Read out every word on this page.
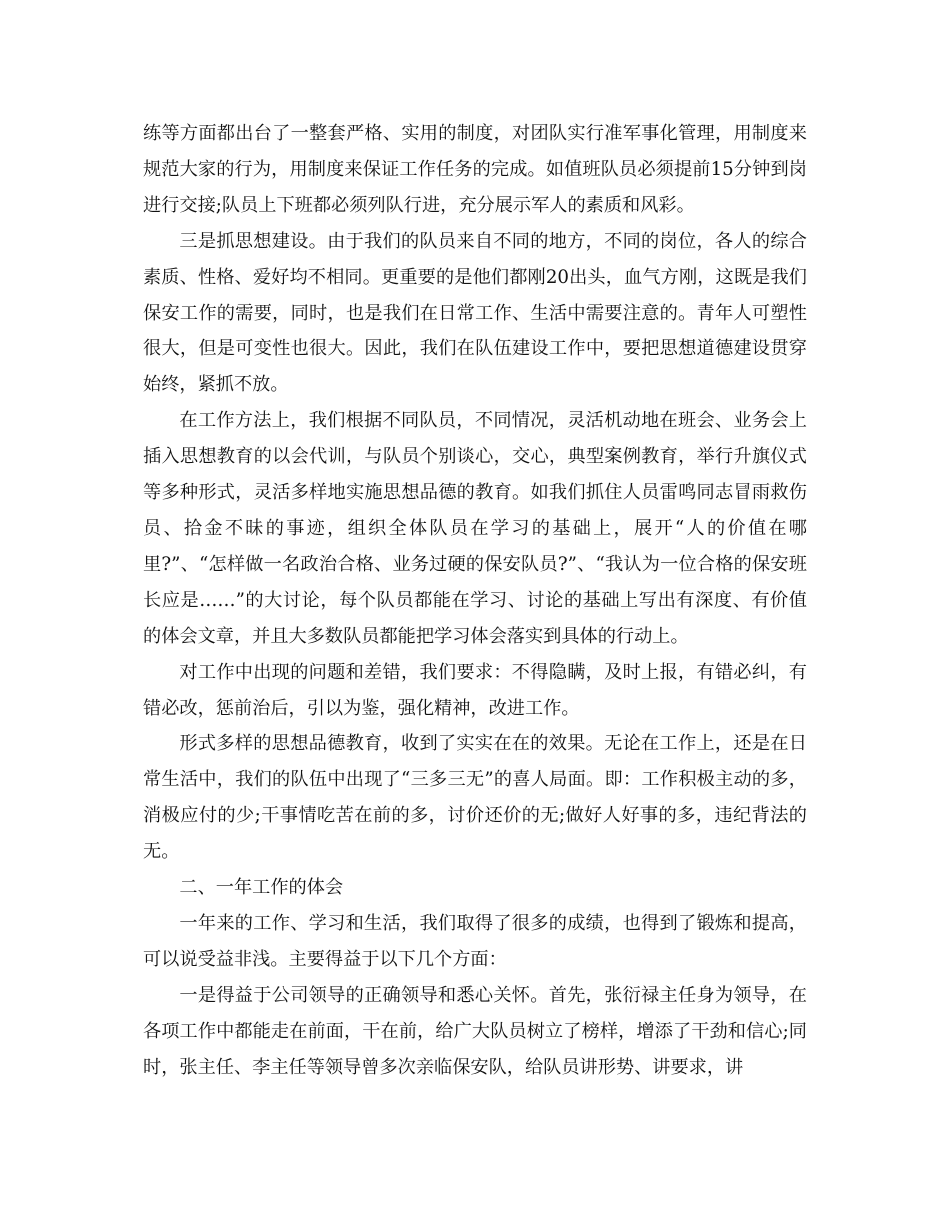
练等方面都出台了一整套严格、实用的制度，对团队实行准军事化管理，用制度来规范大家的行为，用制度来保证工作任务的完成。如值班队员必须提前15分钟到岗进行交接;队员上下班都必须列队行进，充分展示军人的素质和风彩。

三是抓思想建设。由于我们的队员来自不同的地方，不同的岗位，各人的综合素质、性格、爱好均不相同。更重要的是他们都刚20出头，血气方刚，这既是我们保安工作的需要，同时，也是我们在日常工作、生活中需要注意的。青年人可塑性很大，但是可变性也很大。因此，我们在队伍建设工作中，要把思想道德建设贯穿始终，紧抓不放。

在工作方法上，我们根据不同队员，不同情况，灵活机动地在班会、业务会上插入思想教育的以会代训，与队员个别谈心，交心，典型案例教育，举行升旗仪式等多种形式，灵活多样地实施思想品德的教育。如我们抓住人员雷鸣同志冒雨救伤员、拾金不昧的事迹，组织全体队员在学习的基础上，展开“人的价值在哪里?”、“怎样做一名政治合格、业务过硬的保安队员?”、“我认为一位合格的保安班长应是……”的大讨论，每个队员都能在学习、讨论的基础上写出有深度、有价值的体会文章，并且大多数队员都能把学习体会落实到具体的行动上。

对工作中出现的问题和差错，我们要求：不得隐瞒，及时上报，有错必纠，有错必改，惩前治后，引以为鉴，强化精神，改进工作。

形式多样的思想品德教育，收到了实实在在的效果。无论在工作上，还是在日常生活中，我们的队伍中出现了“三多三无”的喜人局面。即：工作积极主动的多，消极应付的少;干事情吃苦在前的多，讨价还价的无;做好人好事的多，违纪背法的无。

二、一年工作的体会

一年来的工作、学习和生活，我们取得了很多的成绩，也得到了锻炼和提高，可以说受益非浅。主要得益于以下几个方面：

一是得益于公司领导的正确领导和悉心关怀。首先，张衍禄主任身为领导，在各项工作中都能走在前面，干在前，给广大队员树立了榜样，增添了干劲和信心;同时，张主任、李主任等领导曾多次亲临保安队，给队员讲形势、讲要求，讲
